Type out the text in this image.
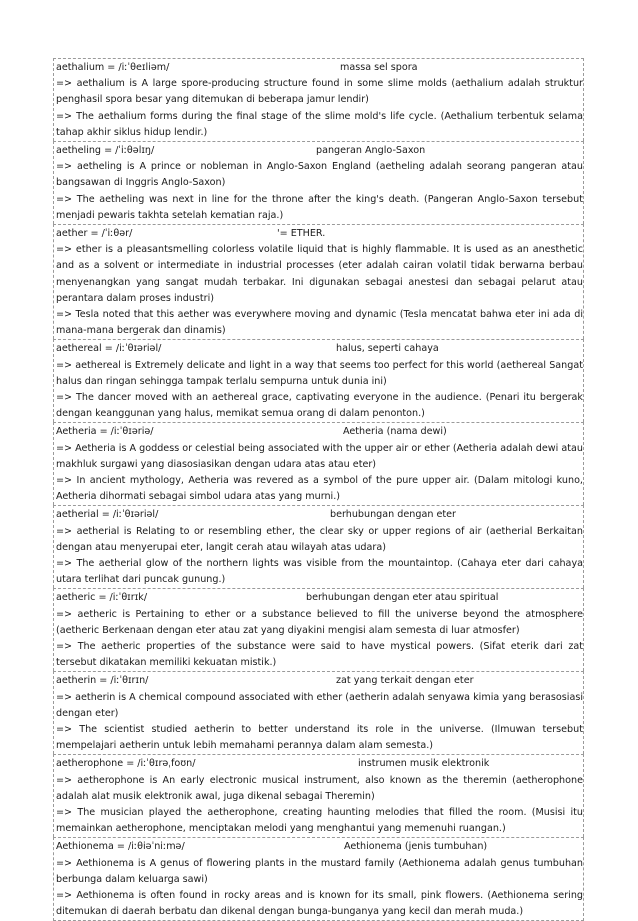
aethalium = /iːˈθeɪliəm/	massa sel spora
=> aethalium is A large spore-producing structure found in some slime molds (aethalium adalah struktur penghasil spora besar yang ditemukan di beberapa jamur lendir)
=> The aethalium forms during the final stage of the slime mold's life cycle. (Aethalium terbentuk selama tahap akhir siklus hidup lendir.)
aetheling = /ˈiːθəlɪŋ/	pangeran Anglo-Saxon
=> aetheling is A prince or nobleman in Anglo-Saxon England (aetheling adalah seorang pangeran atau bangsawan di Inggris Anglo-Saxon)
=> The aetheling was next in line for the throne after the king's death. (Pangeran Anglo-Saxon tersebut menjadi pewaris takhta setelah kematian raja.)
aether = /ˈiːθər/	'= ETHER.
=> ether is a pleasantsmelling colorless volatile liquid that is highly flammable. It is used as an anesthetic and as a solvent or intermediate in industrial processes (eter adalah cairan volatil tidak berwarna berbau menyenangkan yang sangat mudah terbakar. Ini digunakan sebagai anestesi dan sebagai pelarut atau perantara dalam proses industri)
=> Tesla noted that this aether was everywhere moving and dynamic (Tesla mencatat bahwa eter ini ada di mana-mana bergerak dan dinamis)
aethereal = /iːˈθɪəriəl/	halus, seperti cahaya
=> aethereal is Extremely delicate and light in a way that seems too perfect for this world (aethereal Sangat halus dan ringan sehingga tampak terlalu sempurna untuk dunia ini)
=> The dancer moved with an aethereal grace, captivating everyone in the audience. (Penari itu bergerak dengan keanggunan yang halus, memikat semua orang di dalam penonton.)
Aetheria = /iːˈθɪəriə/	Aetheria (nama dewi)
=> Aetheria is A goddess or celestial being associated with the upper air or ether (Aetheria adalah dewi atau makhluk surgawi yang diasosiasikan dengan udara atas atau eter)
=> In ancient mythology, Aetheria was revered as a symbol of the pure upper air. (Dalam mitologi kuno, Aetheria dihormati sebagai simbol udara atas yang murni.)
aetherial = /iːˈθɪəriəl/	berhubungan dengan eter
=> aetherial is Relating to or resembling ether, the clear sky or upper regions of air (aetherial Berkaitan dengan atau menyerupai eter, langit cerah atau wilayah atas udara)
=> The aetherial glow of the northern lights was visible from the mountaintop. (Cahaya eter dari cahaya utara terlihat dari puncak gunung.)
aetheric = /iːˈθɪrɪk/	berhubungan dengan eter atau spiritual
=> aetheric is Pertaining to ether or a substance believed to fill the universe beyond the atmosphere (aetheric Berkenaan dengan eter atau zat yang diyakini mengisi alam semesta di luar atmosfer)
=> The aetheric properties of the substance were said to have mystical powers. (Sifat eterik dari zat tersebut dikatakan memiliki kekuatan mistik.)
aetherin = /iːˈθɪrɪn/	zat yang terkait dengan eter
=> aetherin is A chemical compound associated with ether (aetherin adalah senyawa kimia yang berasosiasi dengan eter)
=> The scientist studied aetherin to better understand its role in the universe. (Ilmuwan tersebut mempelajari aetherin untuk lebih memahami perannya dalam alam semesta.)
aetherophone = /iːˈθɪrəˌfoʊn/	instrumen musik elektronik
=> aetherophone is An early electronic musical instrument, also known as the theremin (aetherophone adalah alat musik elektronik awal, juga dikenal sebagai Theremin)
=> The musician played the aetherophone, creating haunting melodies that filled the room. (Musisi itu memainkan aetherophone, menciptakan melodi yang menghantui yang memenuhi ruangan.)
Aethionema = /iːθiəˈniːmə/	Aethionema (jenis tumbuhan)
=> Aethionema is A genus of flowering plants in the mustard family (Aethionema adalah genus tumbuhan berbunga dalam keluarga sawi)
=> Aethionema is often found in rocky areas and is known for its small, pink flowers. (Aethionema sering ditemukan di daerah berbatu dan dikenal dengan bunga-bunganya yang kecil dan merah muda.)
